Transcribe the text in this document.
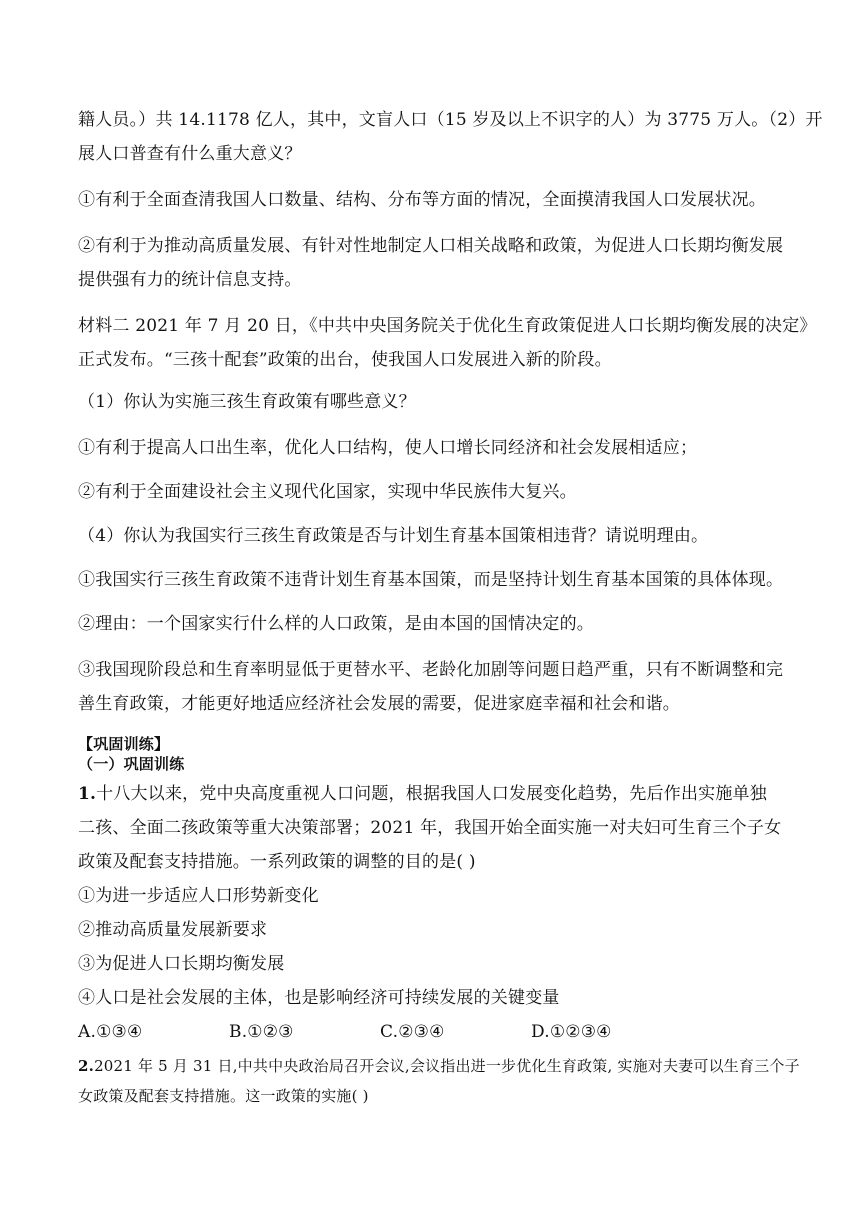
籍人员。）共 14.1178 亿人，其中，文盲人口（15 岁及以上不识字的人）为 3775 万人。（2）开
展人口普查有什么重大意义？
①有利于全面查清我国人口数量、结构、分布等方面的情况，全面摸清我国人口发展状况。
②有利于为推动高质量发展、有针对性地制定人口相关战略和政策，为促进人口长期均衡发展
提供强有力的统计信息支持。
材料二 2021 年 7 月 20 日，《中共中央国务院关于优化生育政策促进人口长期均衡发展的决定》
正式发布。“三孩十配套”政策的出台，使我国人口发展进入新的阶段。
（1）你认为实施三孩生育政策有哪些意义？
①有利于提高人口出生率，优化人口结构，使人口增长同经济和社会发展相适应；
②有利于全面建设社会主义现代化国家，实现中华民族伟大复兴。
（4）你认为我国实行三孩生育政策是否与计划生育基本国策相违背？请说明理由。
①我国实行三孩生育政策不违背计划生育基本国策，而是坚持计划生育基本国策的具体体现。
②理由：一个国家实行什么样的人口政策，是由本国的国情决定的。
③我国现阶段总和生育率明显低于更替水平、老龄化加剧等问题日趋严重，只有不断调整和完
善生育政策，才能更好地适应经济社会发展的需要，促进家庭幸福和社会和谐。
【巩固训练】
（一）巩固训练
1.十八大以来，党中央高度重视人口问题，根据我国人口发展变化趋势，先后作出实施单独
二孩、全面二孩政策等重大决策部署；2021 年，我国开始全面实施一对夫妇可生育三个子女
政策及配套支持措施。一系列政策的调整的目的是( )
①为进一步适应人口形势新变化
②推动高质量发展新要求
③为促进人口长期均衡发展
④人口是社会发展的主体，也是影响经济可持续发展的关键变量
A.①③④	B.①②③	C.②③④	D.①②③④
2.2021 年 5 月 31 日,中共中央政治局召开会议,会议指出进一步优化生育政策, 实施对夫妻可以生育三个子
女政策及配套支持措施。这一政策的实施( )
